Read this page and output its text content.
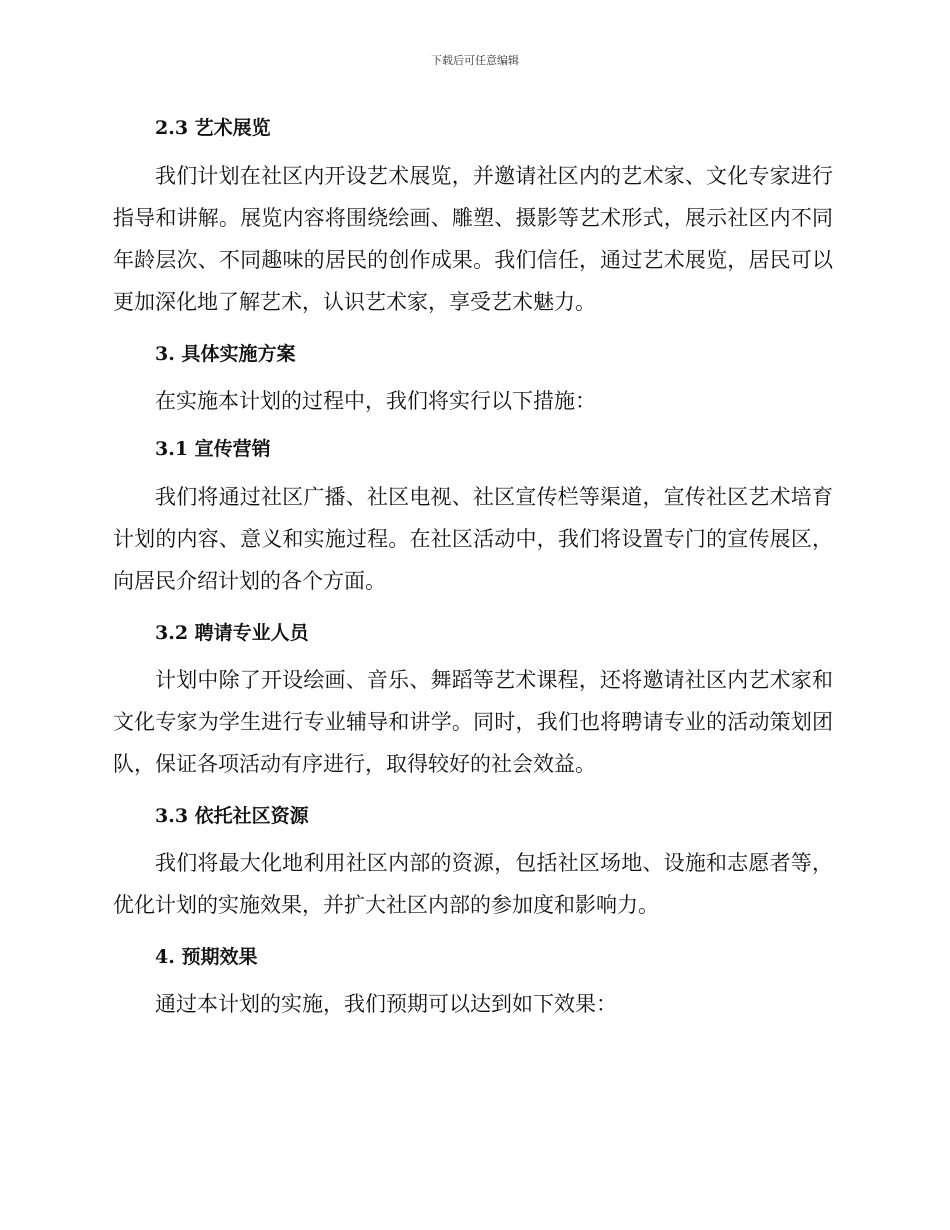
下载后可任意编辑
2.3 艺术展览

我们计划在社区内开设艺术展览，并邀请社区内的艺术家、文化专家进行指导和讲解。展览内容将围绕绘画、雕塑、摄影等艺术形式，展示社区内不同年龄层次、不同趣味的居民的创作成果。我们信任，通过艺术展览，居民可以更加深化地了解艺术，认识艺术家，享受艺术魅力。

3. 具体实施方案

在实施本计划的过程中，我们将实行以下措施：

3.1 宣传营销

我们将通过社区广播、社区电视、社区宣传栏等渠道，宣传社区艺术培育计划的内容、意义和实施过程。在社区活动中，我们将设置专门的宣传展区，向居民介绍计划的各个方面。

3.2 聘请专业人员

计划中除了开设绘画、音乐、舞蹈等艺术课程，还将邀请社区内艺术家和文化专家为学生进行专业辅导和讲学。同时，我们也将聘请专业的活动策划团队，保证各项活动有序进行，取得较好的社会效益。

3.3 依托社区资源

我们将最大化地利用社区内部的资源，包括社区场地、设施和志愿者等，优化计划的实施效果，并扩大社区内部的参加度和影响力。

4. 预期效果

通过本计划的实施，我们预期可以达到如下效果：
